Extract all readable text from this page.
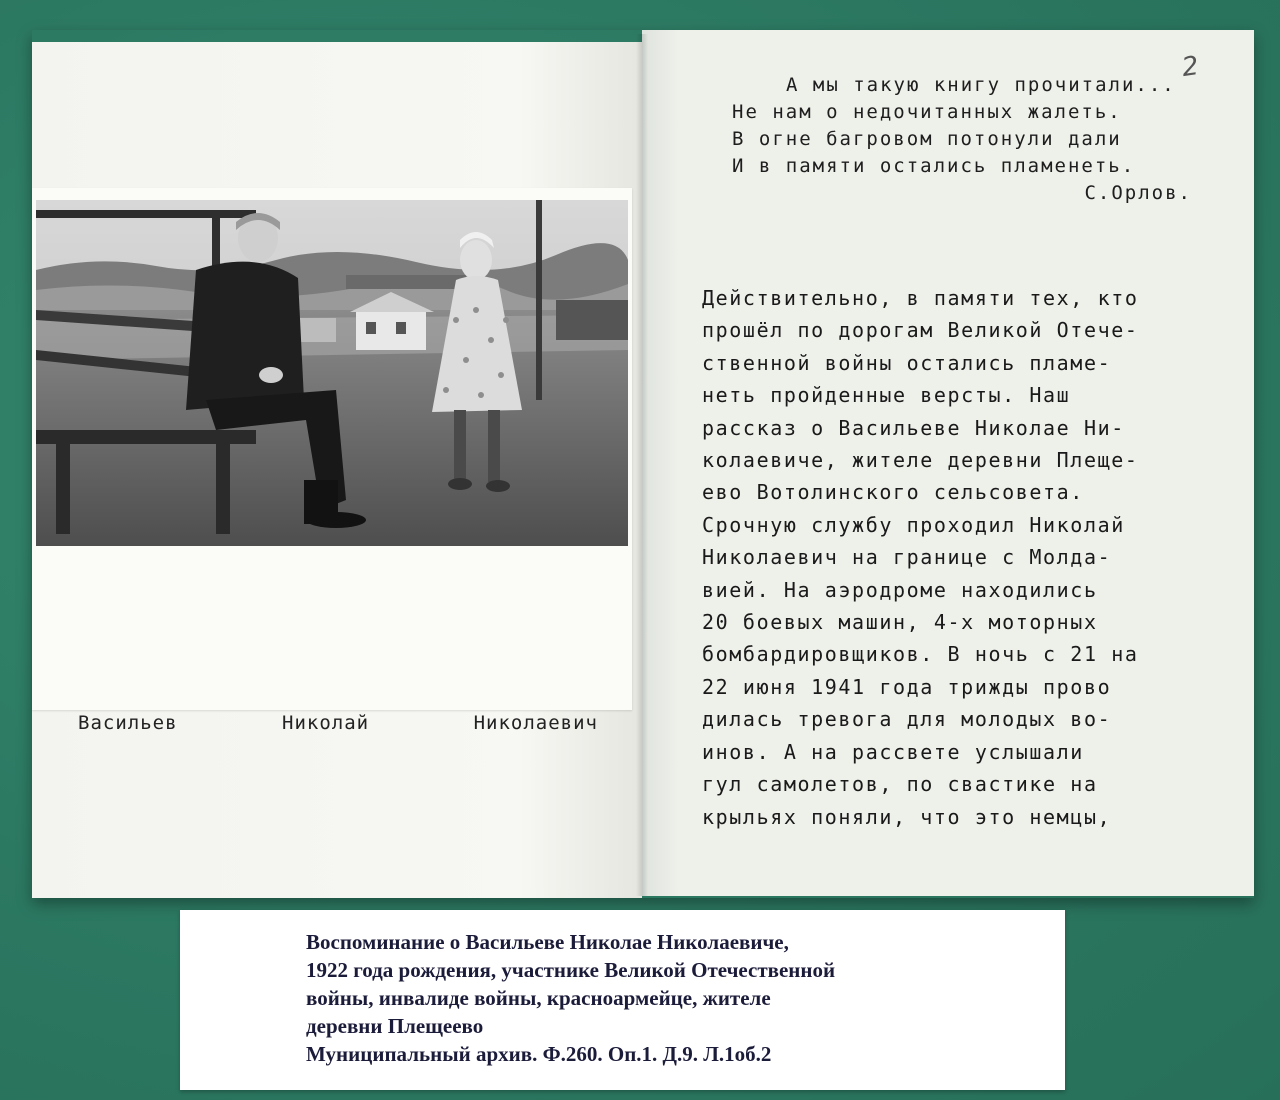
Васильев	Николай	Николаевич
2
А мы такую книгу прочитали...
Не нам о недочитанных жалеть.
В огне багровом потонули дали
И в памяти остались пламенеть.
С.Орлов.
Действительно, в памяти тех, кто
прошёл по дорогам Великой Отече-
ственной войны остались пламе-
неть пройденные версты. Наш
рассказ о Васильеве Николае Ни-
колаевиче, жителе деревни Плеще-
ево Вотолинского сельсовета.
Срочную службу проходил Николай
Николаевич на границе с Молда-
вией. На аэродроме находились
20 боевых машин, 4-х моторных
бомбардировщиков. В ночь с 21 на
22 июня 1941 года трижды прово
дилась тревога для молодых во-
инов. А на рассвете услышали
гул самолетов, по свастике на
крыльях поняли, что это немцы,
Воспоминание о Васильеве Николае Николаевиче,
1922 года рождения, участнике Великой Отечественной
войны, инвалиде войны, красноармейце, жителе
деревни Плещеево
Муниципальный архив. Ф.260. Оп.1. Д.9. Л.1об.2
